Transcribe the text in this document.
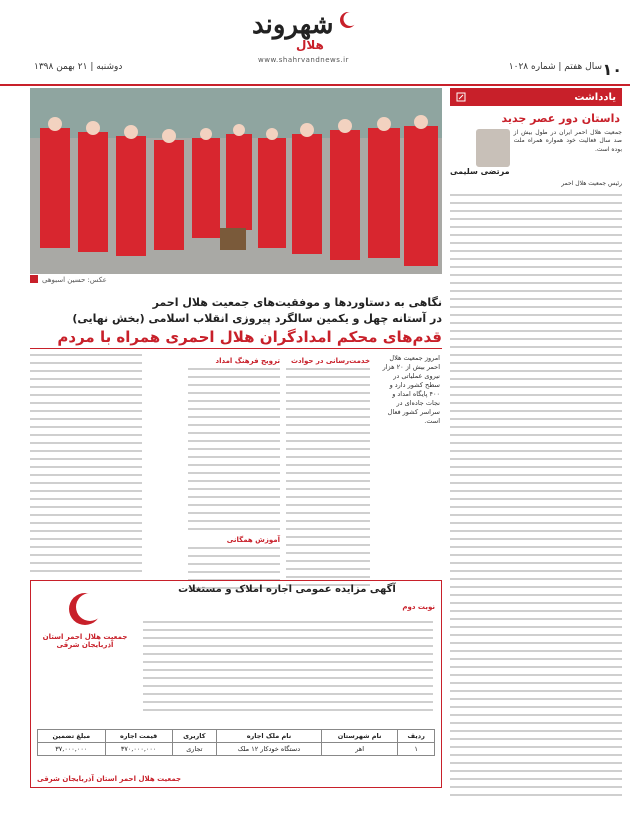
۱۰
سال هفتم | شماره ۱۰۲۸
دوشنبه | ۲۱ بهمن ۱۳۹۸
شهروند
هلال
www.shahrvandnews.ir
یادداشت
داستان دور عصر جدید
جمعیت هلال احمر ایران در طول بیش از صد سال فعالیت خود همواره همراه ملت بوده است.
مرتضی سلیمی
رئیس جمعیت هلال احمر
عکس: حسین اسبوهی
نگاهی به دستاوردها و موفقیت‌های جمعیت هلال احمر
در آستانه چهل و یکمین سالگرد پیروزی انقلاب اسلامی (بخش نهایی)
قدم‌های محکم امدادگران هلال احمری همراه با مردم
امروز جمعیت هلال احمر بیش از ۲۰ هزار نیروی عملیاتی در سطح کشور دارد و ۴۰۰ پایگاه امداد و نجات جاده‌ای در سراسر کشور فعال است.
خدمت‌رسانی در حوادث
ترویج فرهنگ امداد
آموزش همگانی
آگهی مزایده عمومی اجاره املاک و مستغلات
نوبت دوم
جمعیت هلال احمر استان آذربایجان شرقی
ردیف	نام شهرستان	نام ملک اجاره	کاربری	قیمت اجاره	مبلغ تضمین
۱	اهر	دستگاه خودکار ۱۲ ملک	تجاری	۳۷۰,۰۰۰,۰۰۰	۳۷,۰۰۰,۰۰۰
جمعیت هلال احمر استان آذربایجان شرقی
